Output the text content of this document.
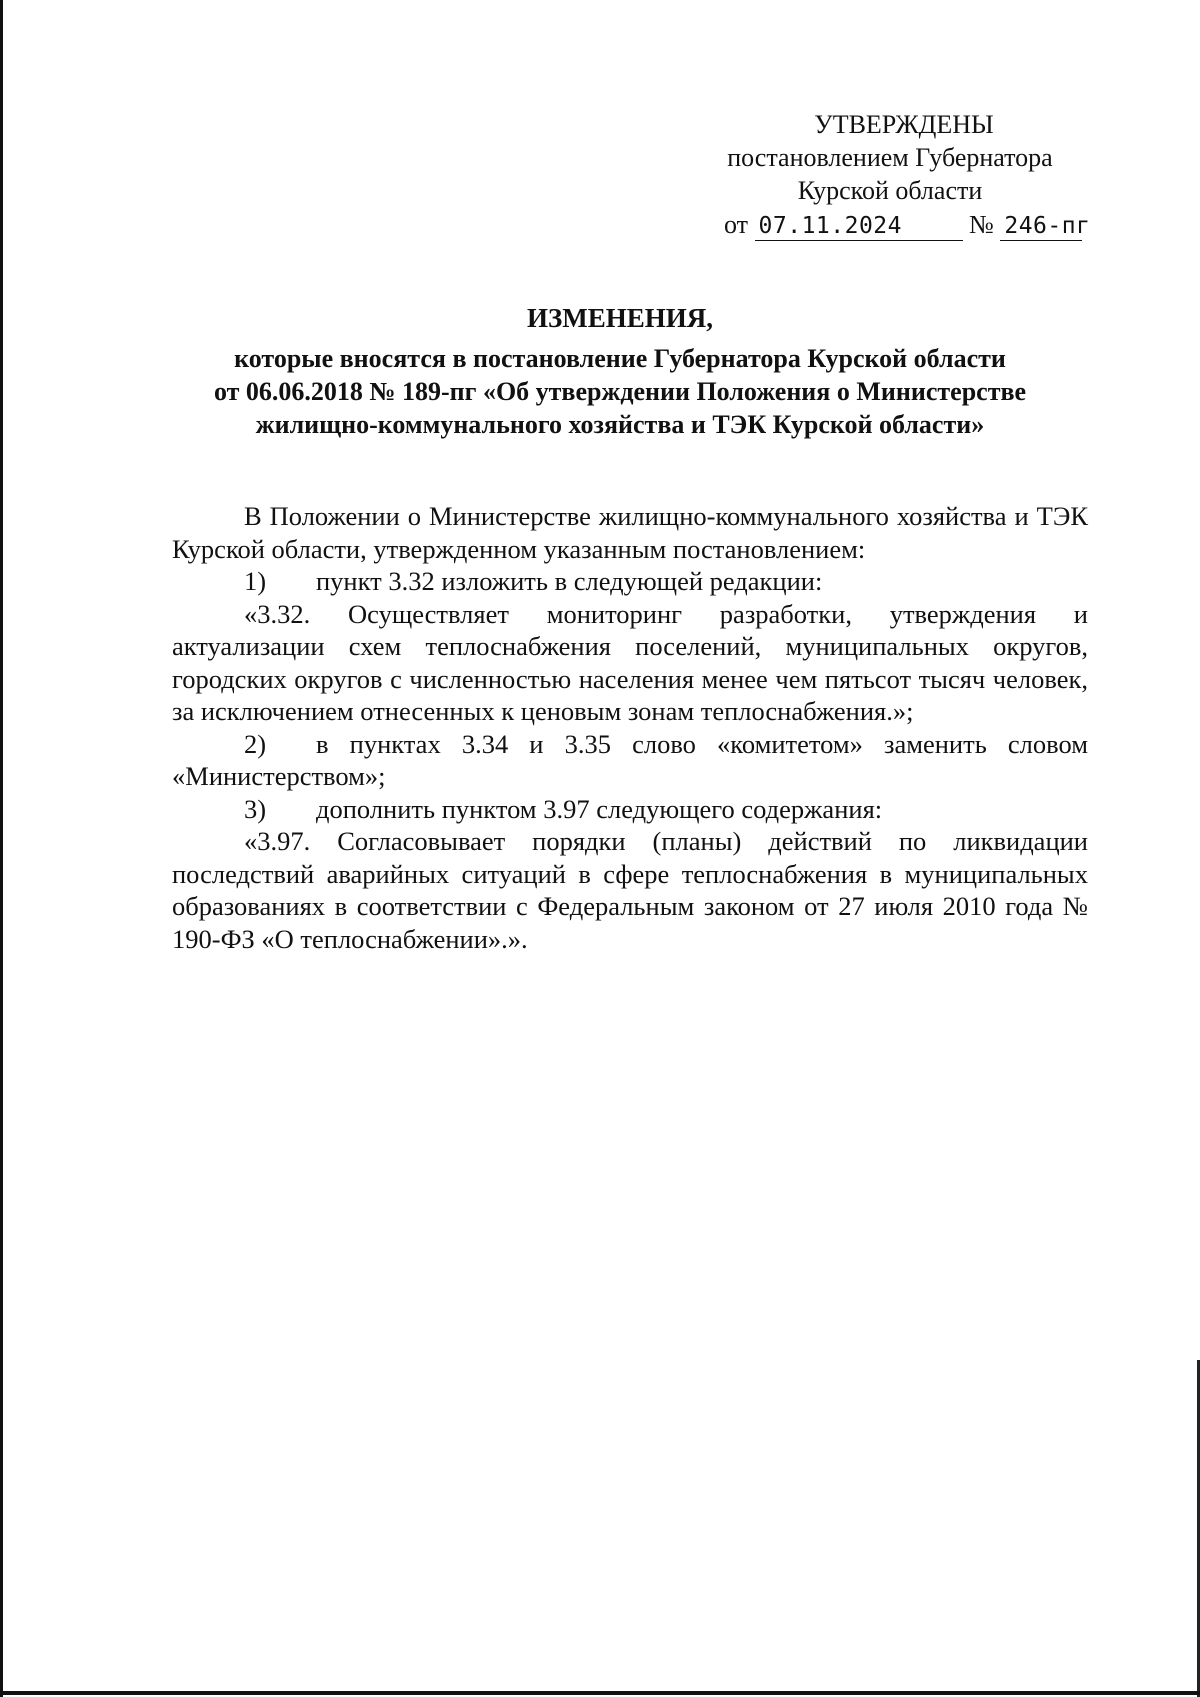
УТВЕРЖДЕНЫ
постановлением Губернатора
Курской области
от 07.11.2024	№ 246-пг
ИЗМЕНЕНИЯ,
которые вносятся в постановление Губернатора Курской области
от 06.06.2018 № 189-пг «Об утверждении Положения о Министерстве
жилищно-коммунального хозяйства и ТЭК Курской области»

В Положении о Министерстве жилищно-коммунального хозяйства и ТЭК Курской области, утвержденном указанным постановлением:

1) пункт 3.32 изложить в следующей редакции:

«3.32. Осуществляет мониторинг разработки, утверждения и актуализации схем теплоснабжения поселений, муниципальных округов, городских округов с численностью населения менее чем пятьсот тысяч человек, за исключением отнесенных к ценовым зонам теплоснабжения.»;

2) в пунктах 3.34 и 3.35 слово «комитетом» заменить словом «Министерством»;

3) дополнить пунктом 3.97 следующего содержания:

«3.97. Согласовывает порядки (планы) действий по ликвидации последствий аварийных ситуаций в сфере теплоснабжения в муниципальных образованиях в соответствии с Федеральным законом от 27 июля 2010 года № 190-ФЗ «О теплоснабжении».».
